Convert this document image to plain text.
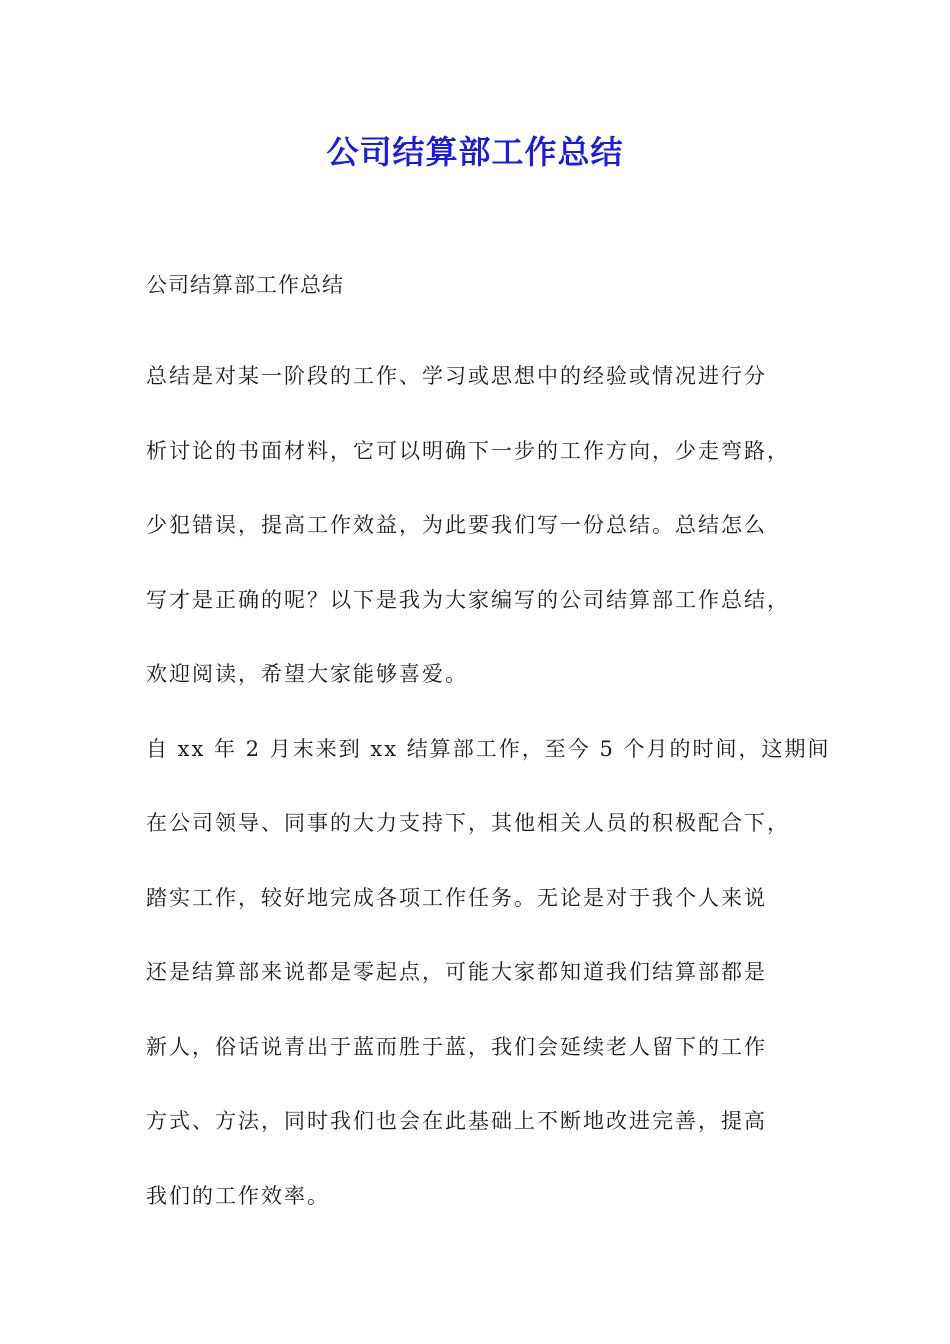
公司结算部工作总结

公司结算部工作总结

总结是对某一阶段的工作、学习或思想中的经验或情况进行分
析讨论的书面材料，它可以明确下一步的工作方向，少走弯路，
少犯错误，提高工作效益，为此要我们写一份总结。总结怎么
写才是正确的呢？以下是我为大家编写的公司结算部工作总结，
欢迎阅读，希望大家能够喜爱。

自 xx 年 2 月末来到 xx 结算部工作，至今 5 个月的时间，这期间
在公司领导、同事的大力支持下，其他相关人员的积极配合下，
踏实工作，较好地完成各项工作任务。无论是对于我个人来说
还是结算部来说都是零起点，可能大家都知道我们结算部都是
新人，俗话说青出于蓝而胜于蓝，我们会延续老人留下的工作
方式、方法，同时我们也会在此基础上不断地改进完善，提高
我们的工作效率。
